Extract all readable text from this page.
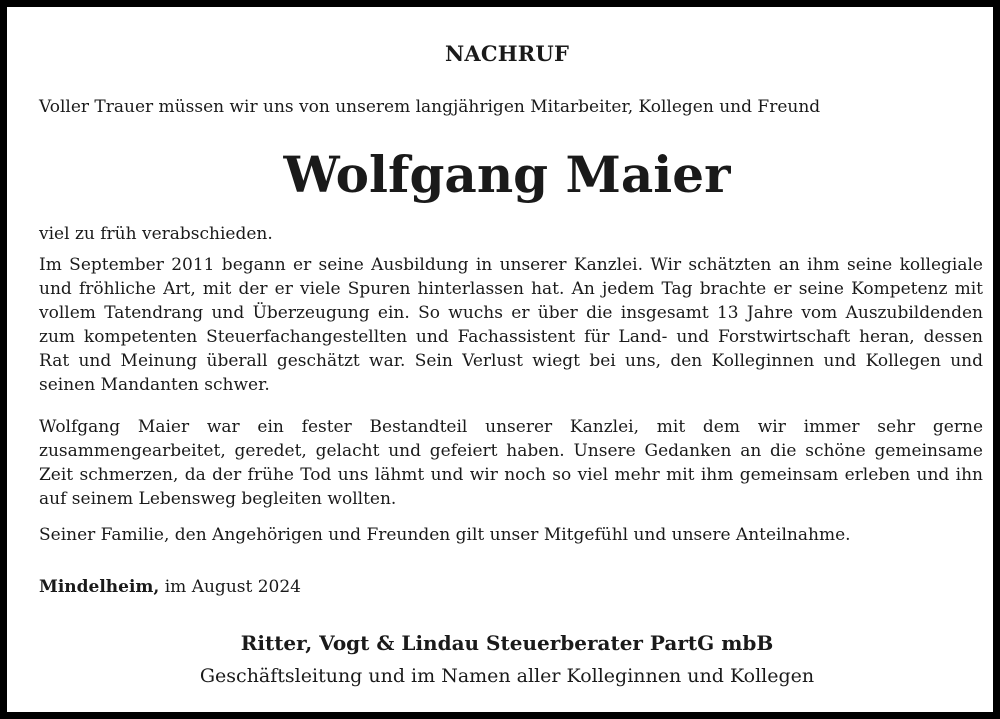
NACHRUF
Voller Trauer müssen wir uns von unserem langjährigen Mitarbeiter, Kollegen und Freund
Wolfgang Maier
viel zu früh verabschieden.

Im September 2011 begann er seine Ausbildung in unserer Kanzlei. Wir schätzten an ihm seine kollegiale und fröhliche Art, mit der er viele Spuren hinterlassen hat. An jedem Tag brachte er seine Kompetenz mit vollem Tatendrang und Überzeugung ein. So wuchs er über die insgesamt 13 Jahre vom Auszubildenden zum kompetenten Steuerfachangestellten und Fachassistent für Land- und Forstwirtschaft heran, dessen Rat und Meinung überall geschätzt war. Sein Verlust wiegt bei uns, den Kolleginnen und Kollegen und seinen Mandanten schwer.

Wolfgang Maier war ein fester Bestandteil unserer Kanzlei, mit dem wir immer sehr gerne zusammengearbeitet, geredet, gelacht und gefeiert haben. Unsere Gedanken an die schöne gemeinsame Zeit schmerzen, da der frühe Tod uns lähmt und wir noch so viel mehr mit ihm gemeinsam erleben und ihn auf seinem Lebensweg begleiten wollten.

Seiner Familie, den Angehörigen und Freunden gilt unser Mitgefühl und unsere Anteilnahme.

Mindelheim, im August 2024
Ritter, Vogt & Lindau Steuerberater PartG mbB
Geschäftsleitung und im Namen aller Kolleginnen und Kollegen
